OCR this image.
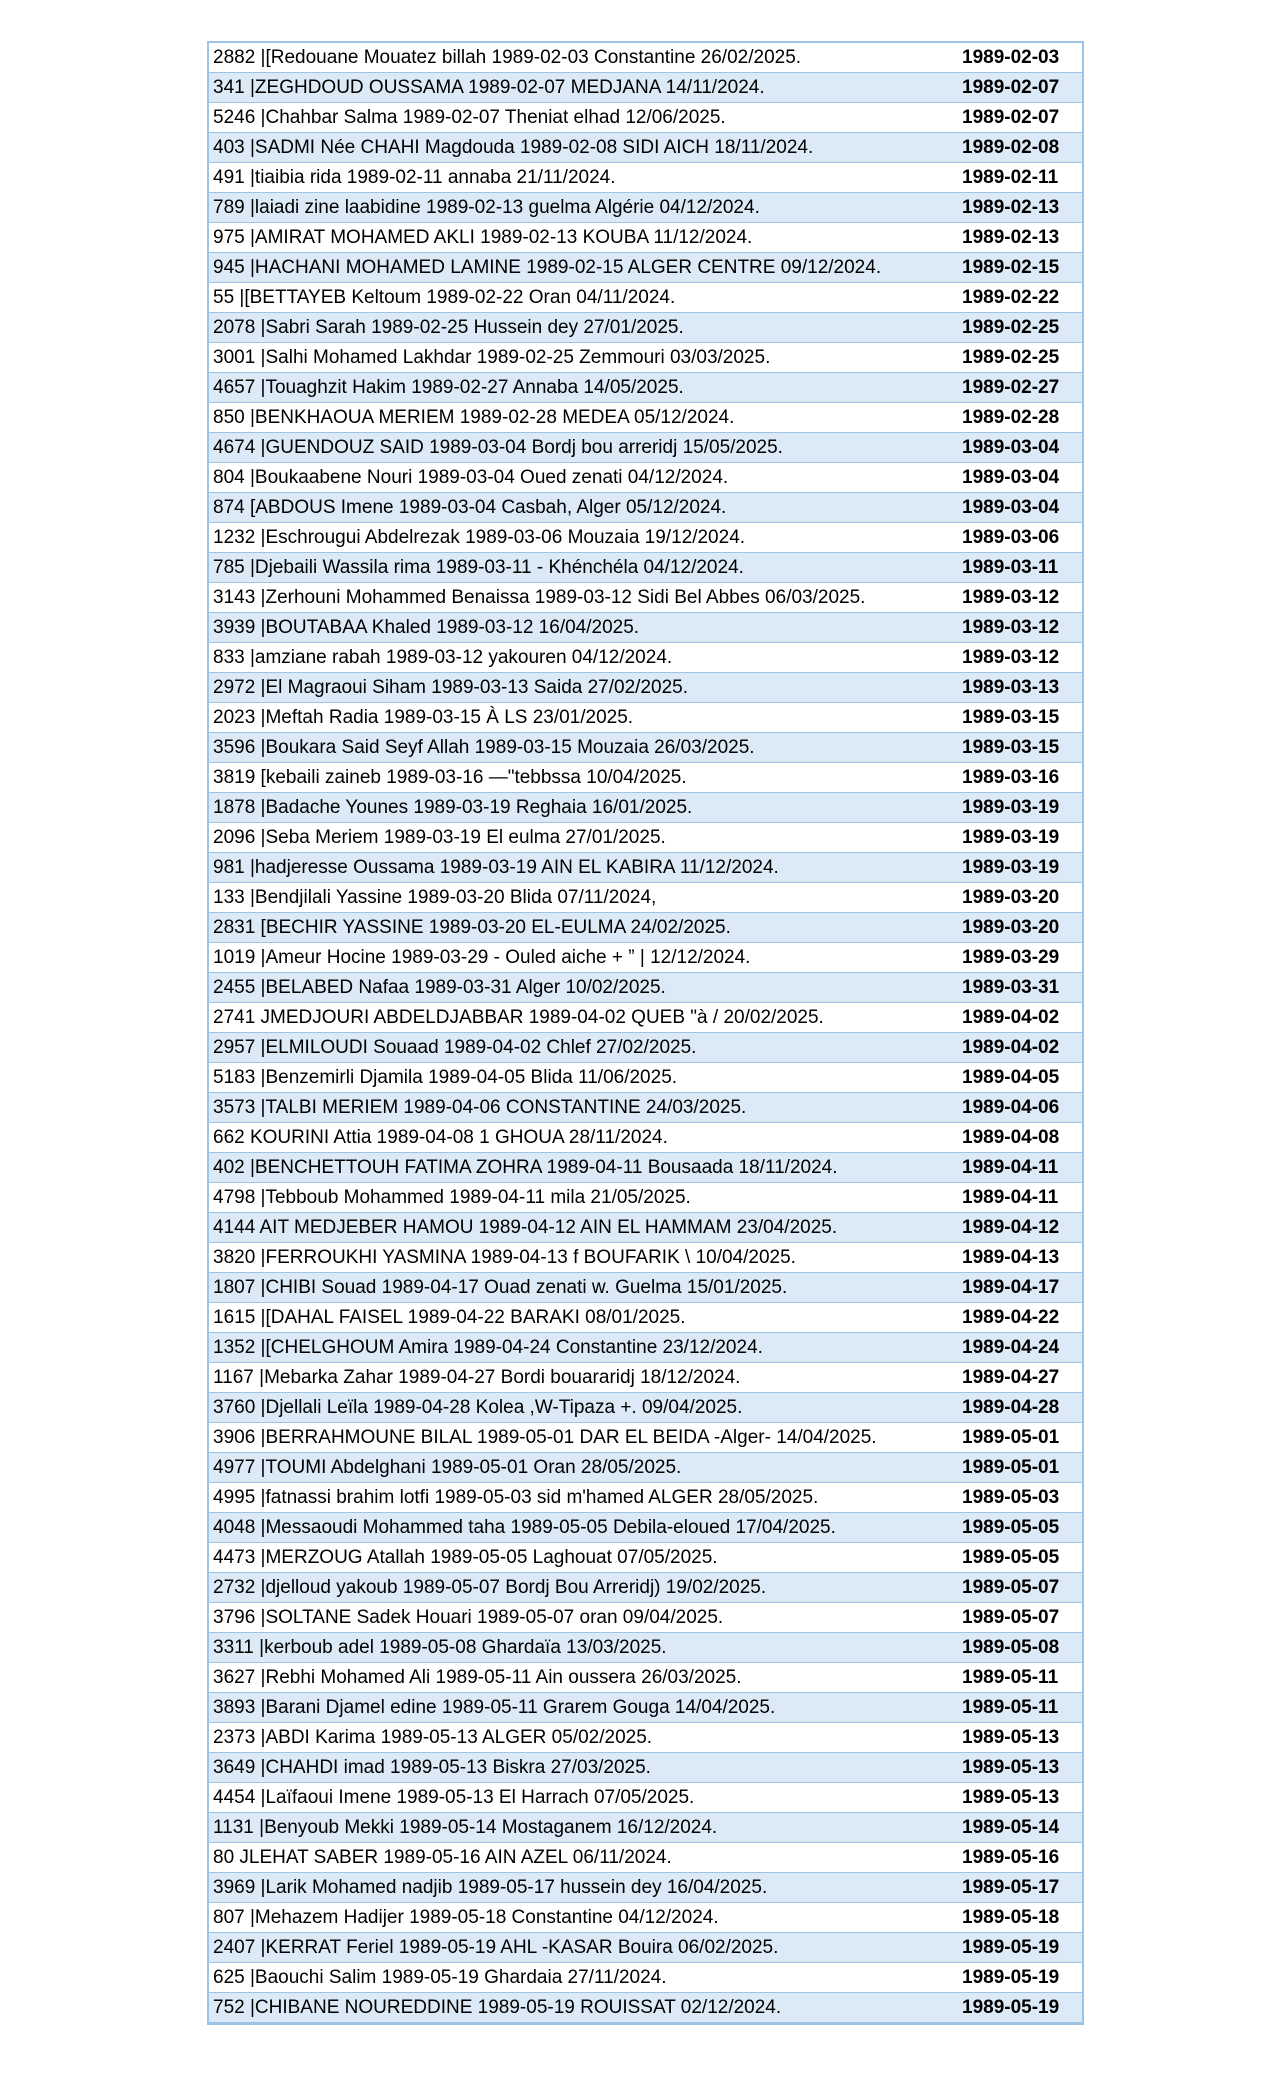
2882 |[Redouane Mouatez billah 1989-02-03 Constantine 26/02/2025.	1989-02-03
341 |ZEGHDOUD OUSSAMA 1989-02-07 MEDJANA 14/11/2024.	1989-02-07
5246 |Chahbar Salma 1989-02-07 Theniat elhad 12/06/2025.	1989-02-07
403 |SADMI Née CHAHI Magdouda 1989-02-08 SIDI AICH 18/11/2024.	1989-02-08
491 |tiaibia rida 1989-02-11 annaba 21/11/2024.	1989-02-11
789 |laiadi zine laabidine 1989-02-13 guelma Algérie 04/12/2024.	1989-02-13
975 |AMIRAT MOHAMED AKLI 1989-02-13 KOUBA 11/12/2024.	1989-02-13
945 |HACHANI MOHAMED LAMINE 1989-02-15 ALGER CENTRE 09/12/2024.	1989-02-15
55 |[BETTAYEB Keltoum 1989-02-22 Oran 04/11/2024.	1989-02-22
2078 |Sabri Sarah 1989-02-25 Hussein dey 27/01/2025.	1989-02-25
3001 |Salhi Mohamed Lakhdar 1989-02-25 Zemmouri 03/03/2025.	1989-02-25
4657 |Touaghzit Hakim 1989-02-27 Annaba 14/05/2025.	1989-02-27
850 |BENKHAOUA MERIEM 1989-02-28 MEDEA 05/12/2024.	1989-02-28
4674 |GUENDOUZ SAID 1989-03-04 Bordj bou arreridj 15/05/2025.	1989-03-04
804 |Boukaabene Nouri 1989-03-04 Oued zenati 04/12/2024.	1989-03-04
874 [ABDOUS Imene 1989-03-04 Casbah, Alger 05/12/2024.	1989-03-04
1232 |Eschrougui Abdelrezak 1989-03-06 Mouzaia 19/12/2024.	1989-03-06
785 |Djebaili Wassila rima 1989-03-11 - Khénchéla 04/12/2024.	1989-03-11
3143 |Zerhouni Mohammed Benaissa 1989-03-12 Sidi Bel Abbes 06/03/2025.	1989-03-12
3939 |BOUTABAA Khaled 1989-03-12 16/04/2025.	1989-03-12
833 |amziane rabah 1989-03-12 yakouren 04/12/2024.	1989-03-12
2972 |El Magraoui Siham 1989-03-13 Saida 27/02/2025.	1989-03-13
2023 |Meftah Radia 1989-03-15 À LS 23/01/2025.	1989-03-15
3596 |Boukara Said Seyf Allah 1989-03-15 Mouzaia 26/03/2025.	1989-03-15
3819 [kebaili zaineb 1989-03-16 —"tebbssa 10/04/2025.	1989-03-16
1878 |Badache Younes 1989-03-19 Reghaia 16/01/2025.	1989-03-19
2096 |Seba Meriem 1989-03-19 El eulma 27/01/2025.	1989-03-19
981 |hadjeresse Oussama 1989-03-19 AIN EL KABIRA 11/12/2024.	1989-03-19
133 |Bendjilali Yassine 1989-03-20 Blida 07/11/2024,	1989-03-20
2831 [BECHIR YASSINE 1989-03-20 EL-EULMA 24/02/2025.	1989-03-20
1019 |Ameur Hocine 1989-03-29 - Ouled aiche + ” | 12/12/2024.	1989-03-29
2455 |BELABED Nafaa 1989-03-31 Alger 10/02/2025.	1989-03-31
2741 JMEDJOURI ABDELDJABBAR 1989-04-02 QUEB "à / 20/02/2025.	1989-04-02
2957 |ELMILOUDI Souaad 1989-04-02 Chlef 27/02/2025.	1989-04-02
5183 |Benzemirli Djamila 1989-04-05 Blida 11/06/2025.	1989-04-05
3573 |TALBI MERIEM 1989-04-06 CONSTANTINE 24/03/2025.	1989-04-06
662 KOURINI Attia 1989-04-08 1 GHOUA 28/11/2024.	1989-04-08
402 |BENCHETTOUH FATIMA ZOHRA 1989-04-11 Bousaada 18/11/2024.	1989-04-11
4798 |Tebboub Mohammed 1989-04-11 mila 21/05/2025.	1989-04-11
4144 AIT MEDJEBER HAMOU 1989-04-12 AIN EL HAMMAM 23/04/2025.	1989-04-12
3820 |FERROUKHI YASMINA 1989-04-13 f BOUFARIK \ 10/04/2025.	1989-04-13
1807 |CHIBI Souad 1989-04-17 Ouad zenati w. Guelma 15/01/2025.	1989-04-17
1615 |[DAHAL FAISEL 1989-04-22 BARAKI 08/01/2025.	1989-04-22
1352 |[CHELGHOUM Amira 1989-04-24 Constantine 23/12/2024.	1989-04-24
1167 |Mebarka Zahar 1989-04-27 Bordi bouararidj 18/12/2024.	1989-04-27
3760 |Djellali Leïla 1989-04-28 Kolea ,W-Tipaza +. 09/04/2025.	1989-04-28
3906 |BERRAHMOUNE BILAL 1989-05-01 DAR EL BEIDA -Alger- 14/04/2025.	1989-05-01
4977 |TOUMI Abdelghani 1989-05-01 Oran 28/05/2025.	1989-05-01
4995 |fatnassi brahim lotfi 1989-05-03 sid m'hamed ALGER 28/05/2025.	1989-05-03
4048 |Messaoudi Mohammed taha 1989-05-05 Debila-eloued 17/04/2025.	1989-05-05
4473 |MERZOUG Atallah 1989-05-05 Laghouat 07/05/2025.	1989-05-05
2732 |djelloud yakoub 1989-05-07 Bordj Bou Arreridj) 19/02/2025.	1989-05-07
3796 |SOLTANE Sadek Houari 1989-05-07 oran 09/04/2025.	1989-05-07
3311 |kerboub adel 1989-05-08 Ghardaïa 13/03/2025.	1989-05-08
3627 |Rebhi Mohamed Ali 1989-05-11 Ain oussera 26/03/2025.	1989-05-11
3893 |Barani Djamel edine 1989-05-11 Grarem Gouga 14/04/2025.	1989-05-11
2373 |ABDI Karima 1989-05-13 ALGER 05/02/2025.	1989-05-13
3649 |CHAHDI imad 1989-05-13 Biskra 27/03/2025.	1989-05-13
4454 |Laïfaoui Imene 1989-05-13 El Harrach 07/05/2025.	1989-05-13
1131 |Benyoub Mekki 1989-05-14 Mostaganem 16/12/2024.	1989-05-14
80 JLEHAT SABER 1989-05-16 AIN AZEL 06/11/2024.	1989-05-16
3969 |Larik Mohamed nadjib 1989-05-17 hussein dey 16/04/2025.	1989-05-17
807 |Mehazem Hadijer 1989-05-18 Constantine 04/12/2024.	1989-05-18
2407 |KERRAT Feriel 1989-05-19 AHL -KASAR Bouira 06/02/2025.	1989-05-19
625 |Baouchi Salim 1989-05-19 Ghardaia 27/11/2024.	1989-05-19
752 |CHIBANE NOUREDDINE 1989-05-19 ROUISSAT 02/12/2024.	1989-05-19
